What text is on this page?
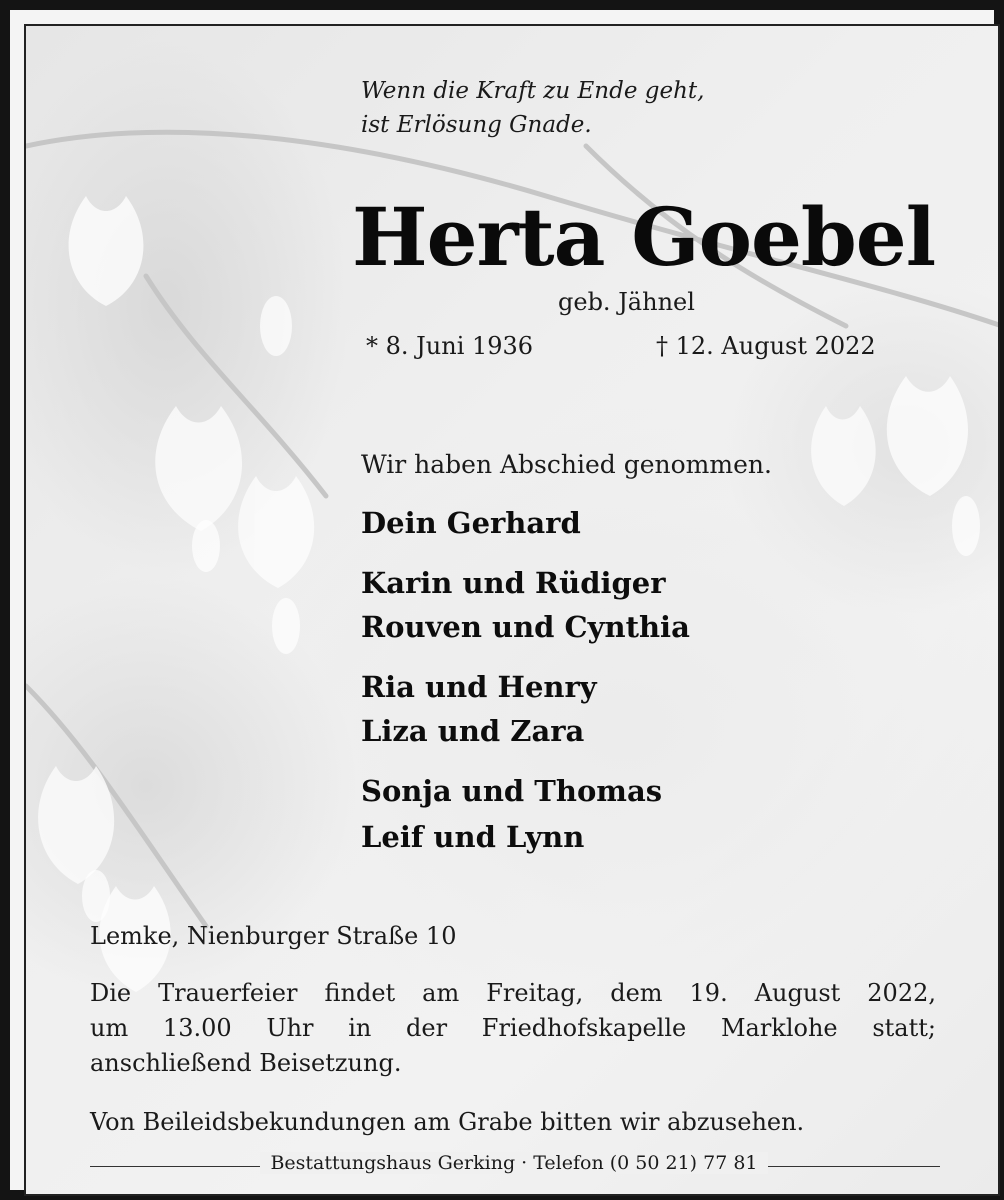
Wenn die Kraft zu Ende geht,
ist Erlösung Gnade.
Herta Goebel
geb. Jähnel
* 8. Juni 1936	† 12. August 2022
Wir haben Abschied genommen.
Dein Gerhard
Karin und Rüdiger
Rouven und Cynthia
Ria und Henry
Liza und Zara
Sonja und Thomas
Leif und Lynn
Lemke, Nienburger Straße 10
Die Trauerfeier findet am Freitag, dem 19. August 2022,
um 13.00 Uhr in der Friedhofskapelle Marklohe statt;
anschließend Beisetzung.
Von Beileidsbekundungen am Grabe bitten wir abzusehen.
Bestattungshaus Gerking · Telefon (0 50 21) 77 81
